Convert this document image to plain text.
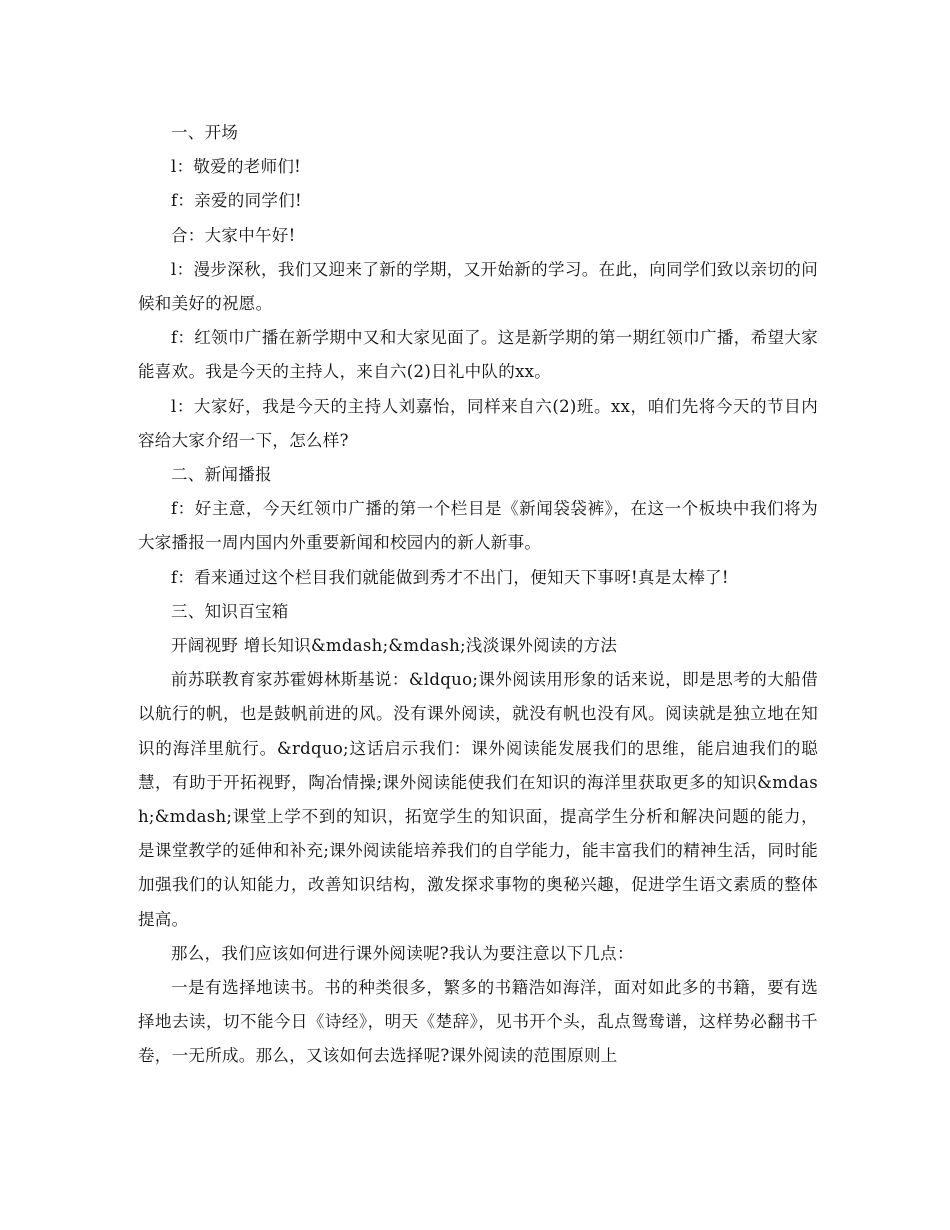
一、开场

l：敬爱的老师们!

f：亲爱的同学们!

合：大家中午好!

l：漫步深秋，我们又迎来了新的学期，又开始新的学习。在此，向同学们致以亲切的问候和美好的祝愿。

f：红领巾广播在新学期中又和大家见面了。这是新学期的第一期红领巾广播，希望大家能喜欢。我是今天的主持人，来自六(2)日礼中队的xx。

l：大家好，我是今天的主持人刘嘉怡，同样来自六(2)班。xx，咱们先将今天的节目内容给大家介绍一下，怎么样?

二、新闻播报

f：好主意，今天红领巾广播的第一个栏目是《新闻袋袋裤》，在这一个板块中我们将为大家播报一周内国内外重要新闻和校园内的新人新事。

f：看来通过这个栏目我们就能做到秀才不出门，便知天下事呀!真是太棒了!

三、知识百宝箱

开阔视野 增长知识&mdash;&mdash;浅淡课外阅读的方法

前苏联教育家苏霍姆林斯基说：&ldquo;课外阅读用形象的话来说，即是思考的大船借以航行的帆，也是鼓帆前进的风。没有课外阅读，就没有帆也没有风。阅读就是独立地在知识的海洋里航行。&rdquo;这话启示我们：课外阅读能发展我们的思维，能启迪我们的聪慧，有助于开拓视野，陶冶情操;课外阅读能使我们在知识的海洋里获取更多的知识&mdash;&mdash;课堂上学不到的知识，拓宽学生的知识面，提高学生分析和解决问题的能力，是课堂教学的延伸和补充;课外阅读能培养我们的自学能力，能丰富我们的精神生活，同时能加强我们的认知能力，改善知识结构，激发探求事物的奥秘兴趣，促进学生语文素质的整体提高。

那么，我们应该如何进行课外阅读呢?我认为要注意以下几点：

一是有选择地读书。书的种类很多，繁多的书籍浩如海洋，面对如此多的书籍，要有选择地去读，切不能今日《诗经》，明天《楚辞》，见书开个头，乱点鸳鸯谱，这样势必翻书千卷，一无所成。那么，又该如何去选择呢?课外阅读的范围原则上
